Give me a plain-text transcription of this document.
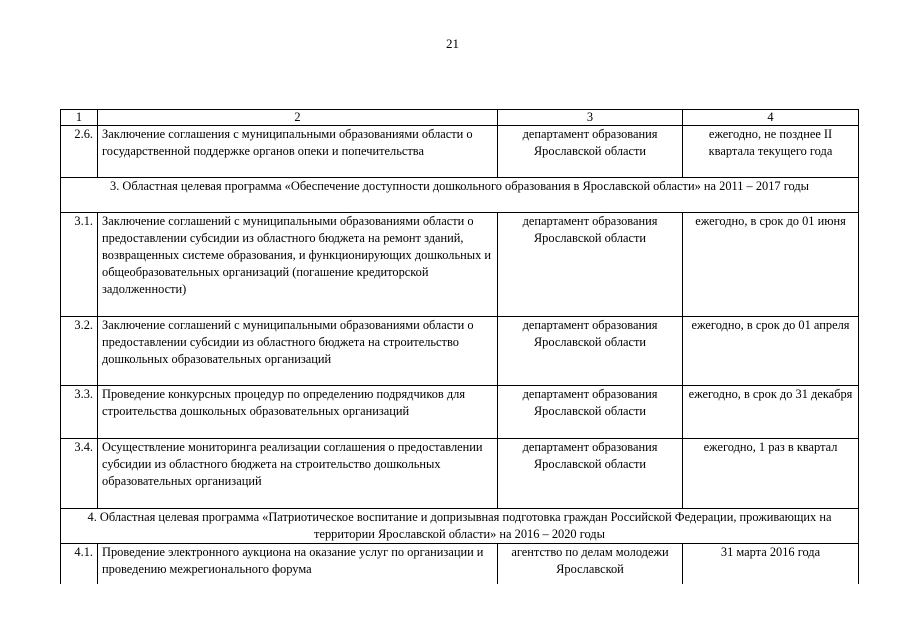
21
1	2	3	4
2.6.	Заключение соглашения с муниципальными образованиями области о государственной поддержке органов опеки и попечительства	департамент образования Ярославской области	ежегодно, не позднее II квартала текущего года
3. Областная целевая программа «Обеспечение доступности дошкольного образования в Ярославской области» на 2011 – 2017 годы			
3.1.	Заключение соглашений с муниципальными образованиями области о предоставлении субсидии из областного бюджета на ремонт зданий, возвращенных системе образования, и функционирующих дошкольных и общеобразовательных организаций (погашение кредиторской задолженности)	департамент образования Ярославской области	ежегодно, в срок до 01 июня
3.2.	Заключение соглашений с муниципальными образованиями области о предоставлении субсидии из областного бюджета на строительство дошкольных образовательных организаций	департамент образования Ярославской области	ежегодно, в срок до 01 апреля
3.3.	Проведение конкурсных процедур по определению подрядчиков для строительства дошкольных образовательных организаций	департамент образования Ярославской области	ежегодно, в срок до 31 декабря
3.4.	Осуществление мониторинга реализации соглашения о предоставлении субсидии из областного бюджета на строительство дошкольных образовательных организаций	департамент образования Ярославской области	ежегодно, 1 раз в квартал
4. Областная целевая программа «Патриотическое воспитание и допризывная подготовка граждан Российской Федерации, проживающих на территории Ярославской области» на 2016 – 2020 годы			
4.1.	Проведение электронного аукциона на оказание услуг по организации и проведению межрегионального форума	агентство по делам молодежи Ярославской	31 марта 2016 года
